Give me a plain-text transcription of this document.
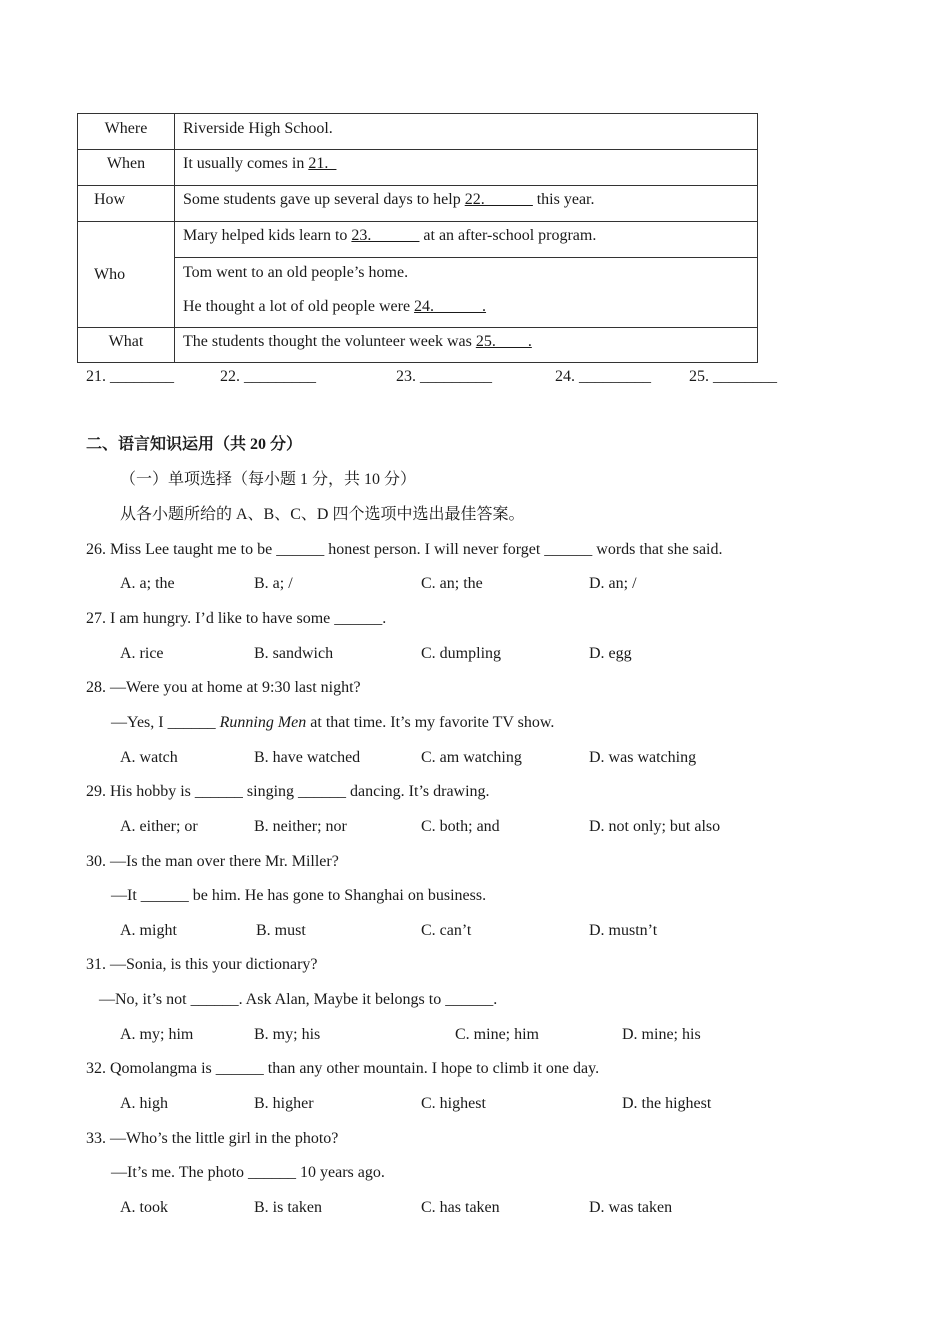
Where	Riverside High School.
When	It usually comes in 21._
How	Some students gave up several days to help 22.______ this year.
Who	Mary helped kids learn to 23.______ at an after-school program.

	Tom went to an old people’s home.
He thought a lot of old people were 24.______.

What	The students thought the volunteer week was 25.____.
21. ________	22. _________	23. _________	24. _________ 25. ________
二、语言知识运用（共 20 分）
（一）单项选择（每小题 1 分，共 10 分）
从各小题所给的 A、B、C、D 四个选项中选出最佳答案。
26. Miss Lee taught me to be ______ honest person. I will never forget ______ words that she said.
A. a; the	B. a; /	C. an; the	D. an; /
27. I am hungry. I’d like to have some ______.
A. rice	B. sandwich	C. dumpling	D. egg
28. —Were you at home at 9:30 last night?
—Yes, I ______ Running Men at that time. It’s my favorite TV show.
A. watch	B. have watched	C. am watching	D. was watching
29. His hobby is ______ singing ______ dancing. It’s drawing.
A. either; or	B. neither; nor	C. both; and	D. not only; but also
30. —Is the man over there Mr. Miller?
—It ______ be him. He has gone to Shanghai on business.
A. might	B. must	C. can’t	D. mustn’t
31. —Sonia, is this your dictionary?
—No, it’s not ______. Ask Alan, Maybe it belongs to ______.
A. my; him	B. my; his	C. mine; him	D. mine; his
32. Qomolangma is ______ than any other mountain. I hope to climb it one day.
A. high	B. higher	C. highest	D. the highest
33. —Who’s the little girl in the photo?
—It’s me. The photo ______ 10 years ago.
A. took	B. is taken	C. has taken	D. was taken
